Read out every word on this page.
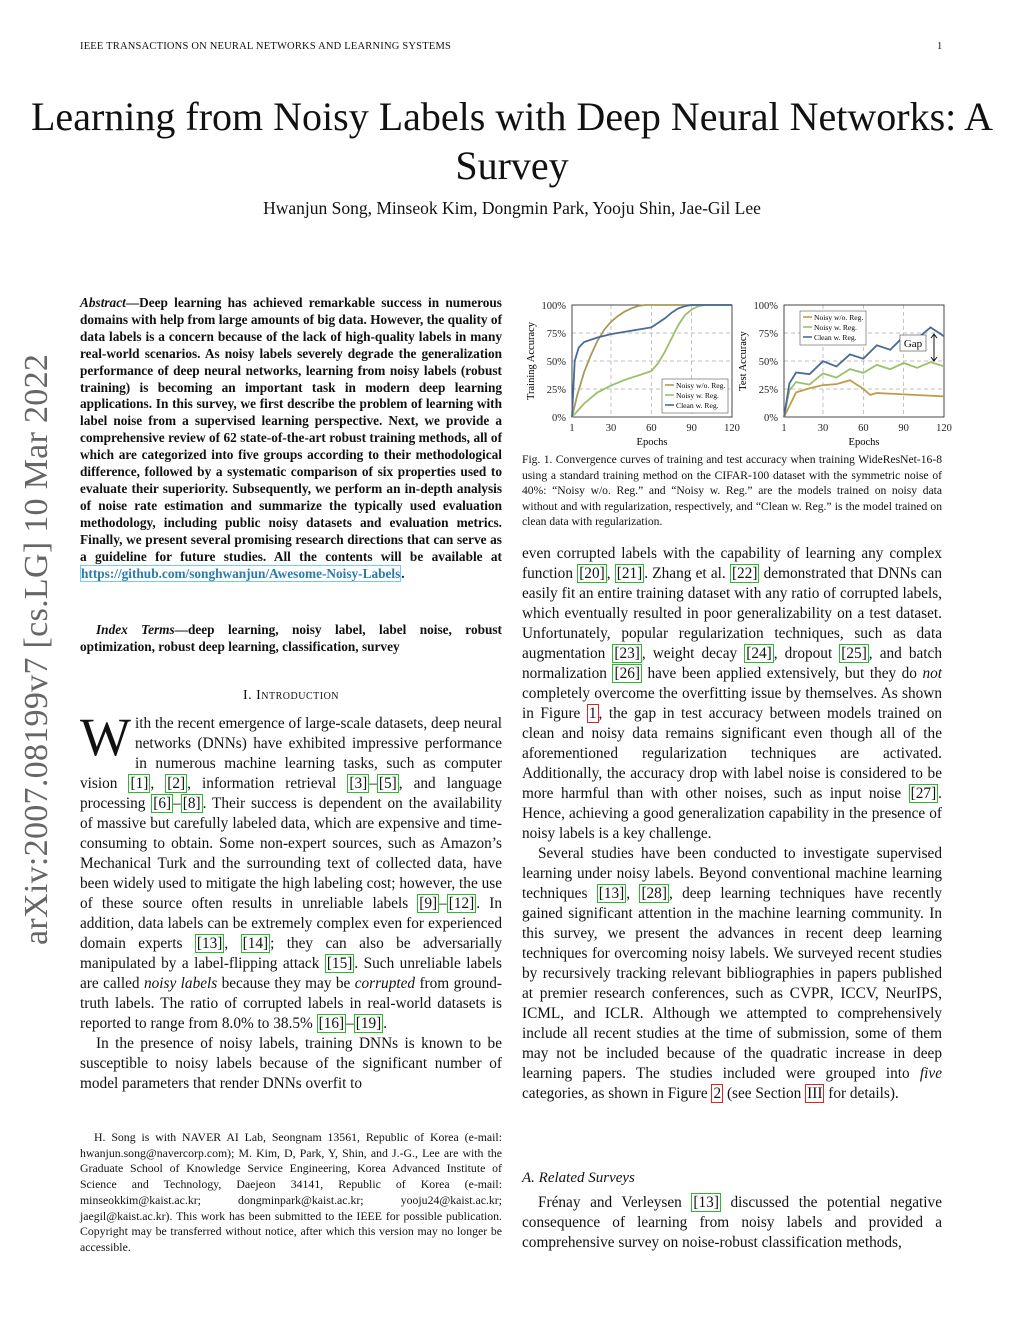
IEEE TRANSACTIONS ON NEURAL NETWORKS AND LEARNING SYSTEMS	1
Learning from Noisy Labels with Deep Neural Networks: A Survey
Hwanjun Song, Minseok Kim, Dongmin Park, Yooju Shin, Jae-Gil Lee
arXiv:2007.08199v7 [cs.LG] 10 Mar 2022
Abstract—Deep learning has achieved remarkable success in numerous domains with help from large amounts of big data. However, the quality of data labels is a concern because of the lack of high-quality labels in many real-world scenarios. As noisy labels severely degrade the generalization performance of deep neural networks, learning from noisy labels (robust training) is becoming an important task in modern deep learning applications. In this survey, we first describe the problem of learning with label noise from a supervised learning perspective. Next, we provide a comprehensive review of 62 state-of-the-art robust training methods, all of which are categorized into five groups according to their methodological difference, followed by a systematic comparison of six properties used to evaluate their superiority. Subsequently, we perform an in-depth analysis of noise rate estimation and summarize the typically used evaluation methodology, including public noisy datasets and evaluation metrics. Finally, we present several promising research directions that can serve as a guideline for future studies. All the contents will be available at https://github.com/songhwanjun/Awesome-Noisy-Labels.
Index Terms—deep learning, noisy label, label noise, robust optimization, robust deep learning, classification, survey
I. Introduction

With the recent emergence of large-scale datasets, deep neural networks (DNNs) have exhibited impressive performance in numerous machine learning tasks, such as computer vision [1] , [2] , information retrieval [3] – [5] , and language processing [6] – [8] . Their success is dependent on the availability of massive but carefully labeled data, which are expensive and time-consuming to obtain. Some non-expert sources, such as Amazon’s Mechanical Turk and the surrounding text of collected data, have been widely used to mitigate the high labeling cost; however, the use of these source often results in unreliable labels [9] – [12] . In addition, data labels can be extremely complex even for experienced domain experts [13] , [14] ; they can also be adversarially manipulated by a label-flipping attack [15] . Such unreliable labels are called noisy labels because they may be corrupted from ground-truth labels. The ratio of corrupted labels in real-world datasets is reported to range from 8.0% to 38.5% [16] – [19] .

In the presence of noisy labels, training DNNs is known to be susceptible to noisy labels because of the significant number of model parameters that render DNNs overfit to

H. Song is with NAVER AI Lab, Seongnam 13561, Republic of Korea (e-mail: hwanjun.song@navercorp.com); M. Kim, D, Park, Y, Shin, and J.-G., Lee are with the Graduate School of Knowledge Service Engineering, Korea Advanced Institute of Science and Technology, Daejeon 34141, Republic of Korea (e-mail: minseokkim@kaist.ac.kr; dongminpark@kaist.ac.kr; yooju24@kaist.ac.kr; jaegil@kaist.ac.kr). This work has been submitted to the IEEE for possible publication. Copyright may be transferred without notice, after which this version may no longer be accessible.
0%
25%
50%
75%
100%
1	30	60	90	120
Epochs
Training Accuracy	Noisy w/o. Reg.
Noisy w. Reg.
Clean w. Reg.
0%
25%
50%
75%
100%
1	30	60	90	120
Epochs
Test Accuracy
Noisy w/o. Reg.
Noisy w. Reg.
Clean w. Reg.
Gap
Fig. 1. Convergence curves of training and test accuracy when training WideResNet-16-8 using a standard training method on the CIFAR-100 dataset with the symmetric noise of 40%: “Noisy w/o. Reg.” and “Noisy w. Reg.” are the models trained on noisy data without and with regularization, respectively, and “Clean w. Reg.” is the model trained on clean data with regularization.

even corrupted labels with the capability of learning any complex function [20] , [21] . Zhang et al. [22] demonstrated that DNNs can easily fit an entire training dataset with any ratio of corrupted labels, which eventually resulted in poor generalizability on a test dataset. Unfortunately, popular regularization techniques, such as data augmentation [23] , weight decay [24] , dropout [25] , and batch normalization [26] have been applied extensively, but they do not completely overcome the overfitting issue by themselves. As shown in Figure 1 , the gap in test accuracy between models trained on clean and noisy data remains significant even though all of the aforementioned regularization techniques are activated. Additionally, the accuracy drop with label noise is considered to be more harmful than with other noises, such as input noise [27] . Hence, achieving a good generalization capability in the presence of noisy labels is a key challenge.

Several studies have been conducted to investigate supervised learning under noisy labels. Beyond conventional machine learning techniques [13] , [28] , deep learning techniques have recently gained significant attention in the machine learning community. In this survey, we present the advances in recent deep learning techniques for overcoming noisy labels. We surveyed recent studies by recursively tracking relevant bibliographies in papers published at premier research conferences, such as CVPR, ICCV, NeurIPS, ICML, and ICLR. Although we attempted to comprehensively include all recent studies at the time of submission, some of them may not be included because of the quadratic increase in deep learning papers. The studies included were grouped into five categories, as shown in Figure 2 (see Section III for details).

A. Related Surveys

Frénay and Verleysen [13] discussed the potential negative consequence of learning from noisy labels and provided a comprehensive survey on noise-robust classification methods,
